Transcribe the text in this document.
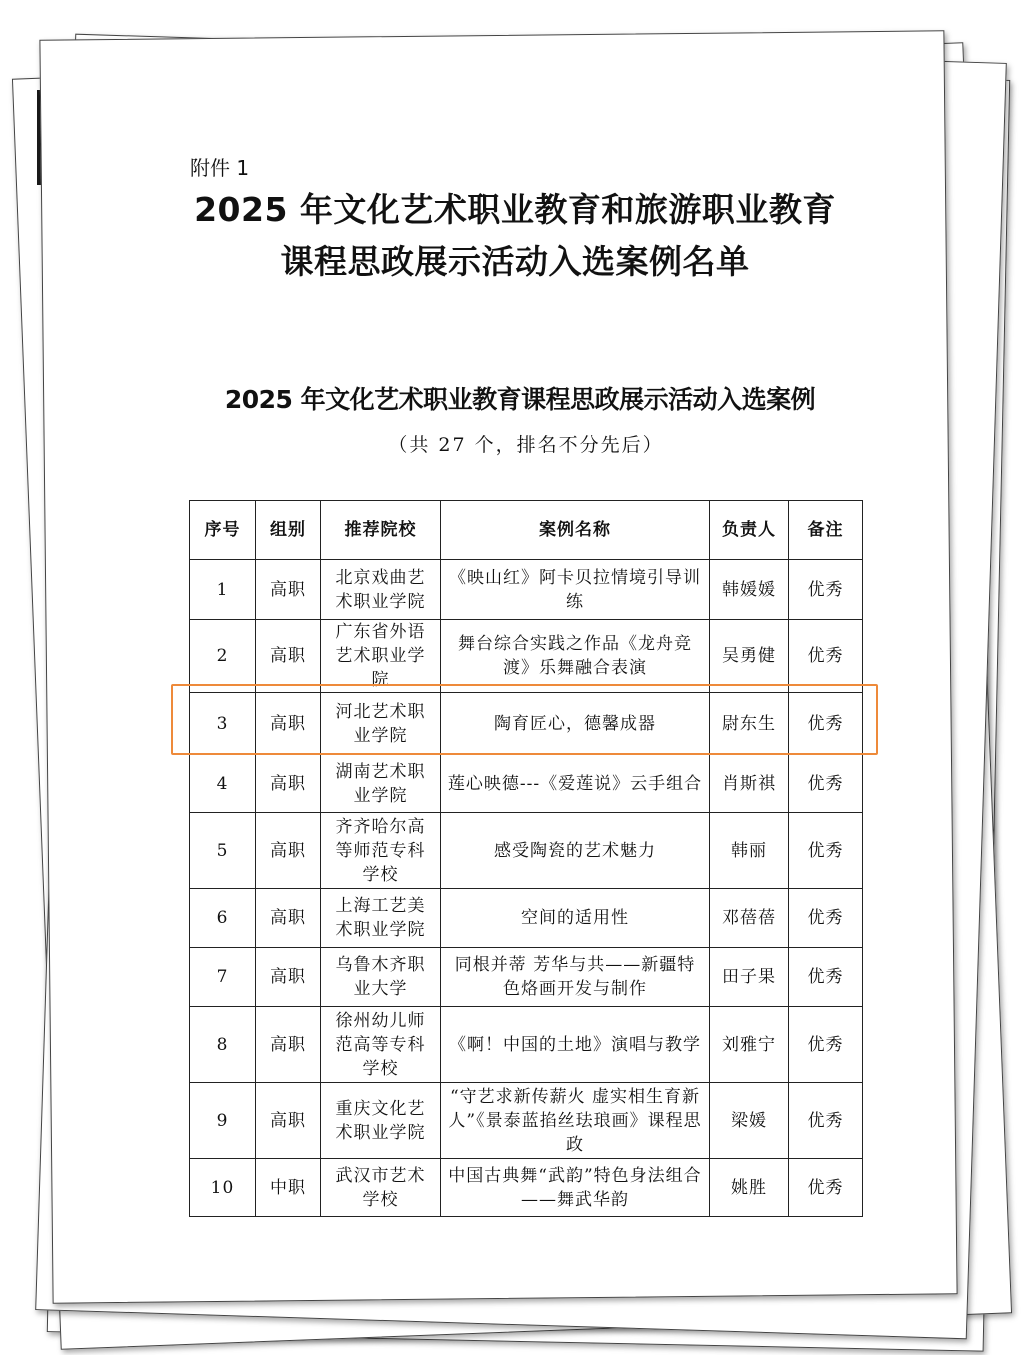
附件 1
2025 年文化艺术职业教育和旅游职业教育
课程思政展示活动入选案例名单
2025 年文化艺术职业教育课程思政展示活动入选案例
（共 27 个，排名不分先后）
序号	组别	推荐院校	案例名称	负责人	备注
1	高职	北京戏曲艺术职业学院	《映山红》阿卡贝拉情境引导训练	韩媛媛	优秀
2	高职	广东省外语艺术职业学院	舞台综合实践之作品《龙舟竞渡》乐舞融合表演	吴勇健	优秀
3	高职	河北艺术职业学院	陶育匠心，德馨成器	尉东生	优秀
4	高职	湖南艺术职业学院	莲心映德---《爱莲说》云手组合	肖斯祺	优秀
5	高职	齐齐哈尔高等师范专科学校	感受陶瓷的艺术魅力	韩丽	优秀
6	高职	上海工艺美术职业学院	空间的适用性	邓蓓蓓	优秀
7	高职	乌鲁木齐职业大学	同根并蒂 芳华与共——新疆特色烙画开发与制作	田子果	优秀
8	高职	徐州幼儿师范高等专科学校	《啊！中国的土地》演唱与教学	刘雅宁	优秀
9	高职	重庆文化艺术职业学院	“守艺求新传薪火 虚实相生育新人”《景泰蓝掐丝珐琅画》课程思政	梁媛	优秀
10	中职	武汉市艺术学校	中国古典舞“武韵”特色身法组合——舞武华韵	姚胜	优秀
